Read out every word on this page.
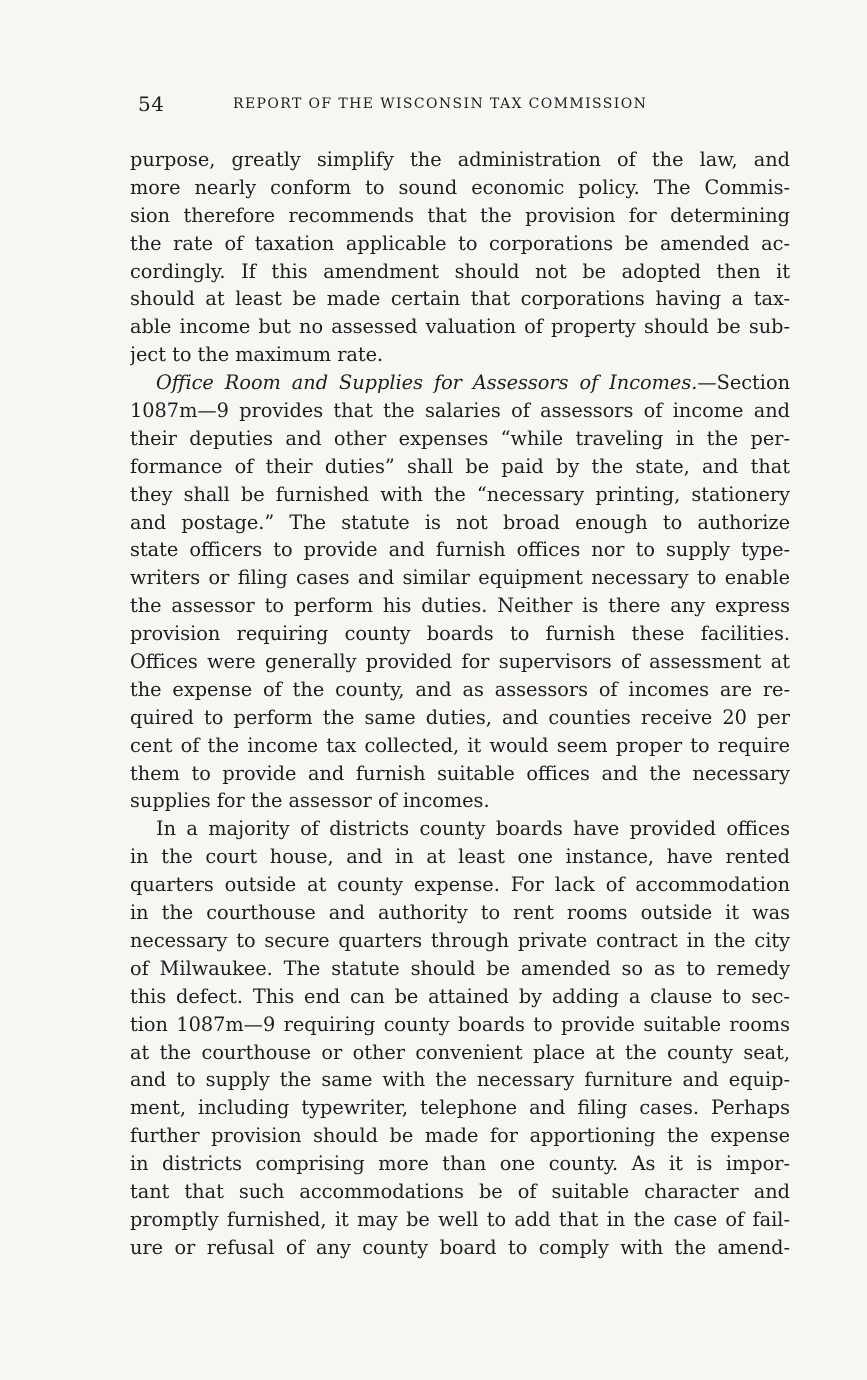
54	REPORT OF THE WISCONSIN TAX COMMISSION
purpose, greatly simplify the administration of the law, and
more nearly conform to sound economic policy. The Commis-
sion therefore recommends that the provision for determining
the rate of taxation applicable to corporations be amended ac-
cordingly. If this amendment should not be adopted then it
should at least be made certain that corporations having a tax-
able income but no assessed valuation of property should be sub-
ject to the maximum rate.
Office Room and Supplies for Assessors of Incomes.—Section
1087m—9 provides that the salaries of assessors of income and
their deputies and other expenses “while traveling in the per-
formance of their duties” shall be paid by the state, and that
they shall be furnished with the “necessary printing, stationery
and postage.” The statute is not broad enough to authorize
state officers to provide and furnish offices nor to supply type-
writers or filing cases and similar equipment necessary to enable
the assessor to perform his duties. Neither is there any express
provision requiring county boards to furnish these facilities.
Offices were generally provided for supervisors of assessment at
the expense of the county, and as assessors of incomes are re-
quired to perform the same duties, and counties receive 20 per
cent of the income tax collected, it would seem proper to require
them to provide and furnish suitable offices and the necessary
supplies for the assessor of incomes.
In a majority of districts county boards have provided offices
in the court house, and in at least one instance, have rented
quarters outside at county expense. For lack of accommodation
in the courthouse and authority to rent rooms outside it was
necessary to secure quarters through private contract in the city
of Milwaukee. The statute should be amended so as to remedy
this defect. This end can be attained by adding a clause to sec-
tion 1087m—9 requiring county boards to provide suitable rooms
at the courthouse or other convenient place at the county seat,
and to supply the same with the necessary furniture and equip-
ment, including typewriter, telephone and filing cases. Perhaps
further provision should be made for apportioning the expense
in districts comprising more than one county. As it is impor-
tant that such accommodations be of suitable character and
promptly furnished, it may be well to add that in the case of fail-
ure or refusal of any county board to comply with the amend-
